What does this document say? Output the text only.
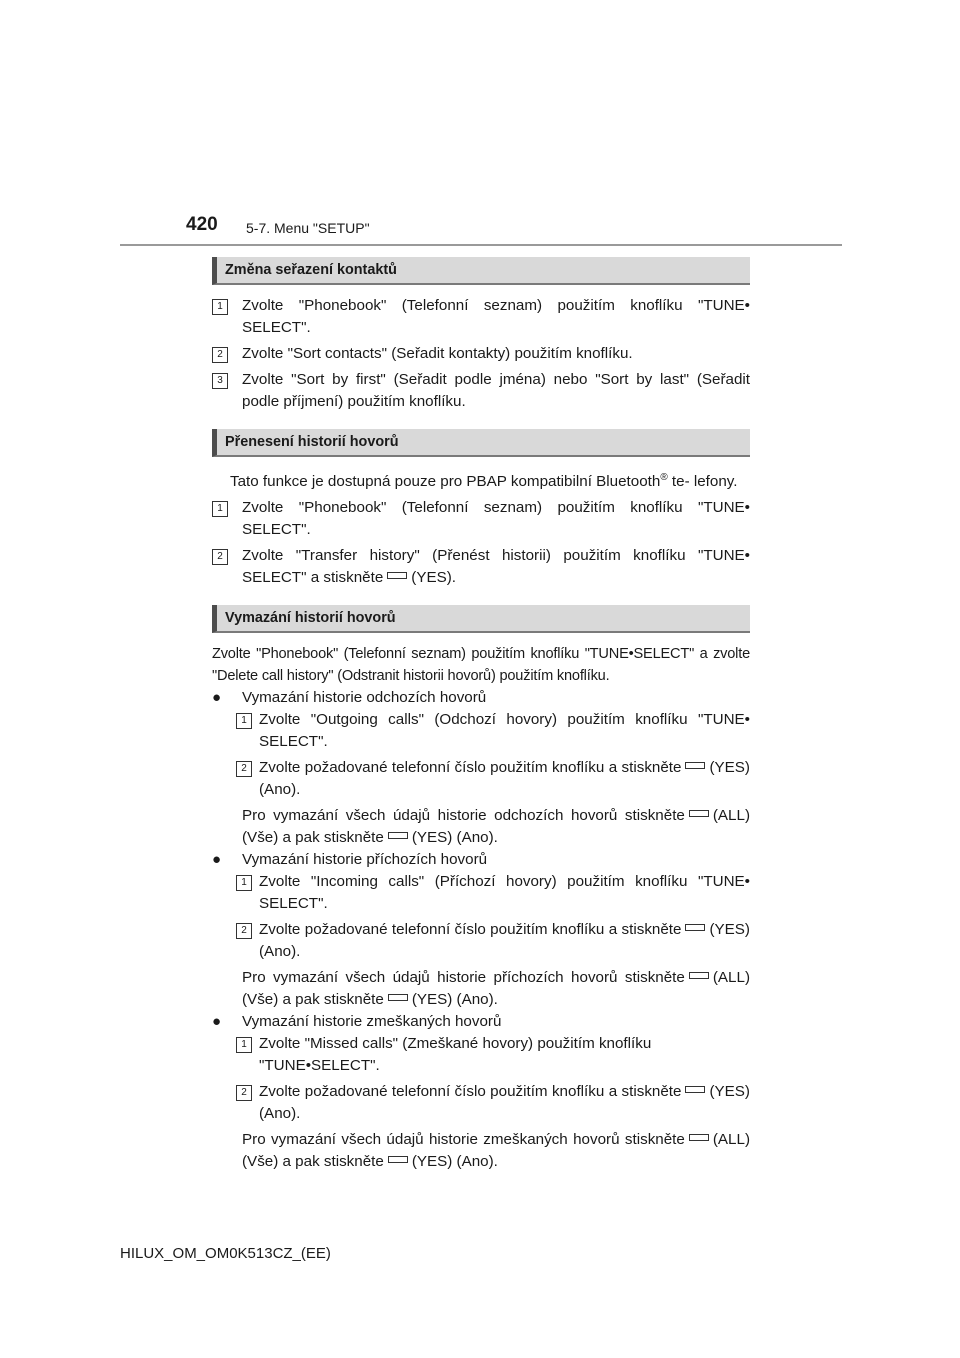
420 5-7. Menu "SETUP"
Změna seřazení kontaktů
1	Zvolte "Phonebook" (Telefonní seznam) použitím knoflíku "TUNE• SELECT".
2	Zvolte "Sort contacts" (Seřadit kontakty) použitím knoflíku.
3	Zvolte "Sort by first" (Seřadit podle jména) nebo "Sort by last" (Seřadit podle příjmení) použitím knoflíku.
Přenesení historií hovorů
Tato funkce je dostupná pouze pro PBAP kompatibilní Bluetooth® te- lefony.
1	Zvolte "Phonebook" (Telefonní seznam) použitím knoflíku "TUNE• SELECT".
2	Zvolte "Transfer history" (Přenést historii) použitím knoflíku "TUNE• SELECT" a stiskněte (YES).
Vymazání historií hovorů
Zvolte "Phonebook" (Telefonní seznam) použitím knoflíku "TUNE•SELECT" a zvolte "Delete call history" (Odstranit historii hovorů) použitím knoflíku.
● Vymazání historie odchozích hovorů
1 Zvolte "Outgoing calls" (Odchozí hovory) použitím knoflíku "TUNE• SELECT".
2 Zvolte požadované telefonní číslo použitím knoflíku a stiskněte (YES) (Ano).
Pro vymazání všech údajů historie odchozích hovorů stiskněte (ALL) (Vše) a pak stiskněte (YES) (Ano).
● Vymazání historie příchozích hovorů
1 Zvolte "Incoming calls" (Příchozí hovory) použitím knoflíku "TUNE• SELECT".
2 Zvolte požadované telefonní číslo použitím knoflíku a stiskněte (YES) (Ano).
Pro vymazání všech údajů historie příchozích hovorů stiskněte (ALL) (Vše) a pak stiskněte (YES) (Ano).
● Vymazání historie zmeškaných hovorů
1 Zvolte "Missed calls" (Zmeškané hovory) použitím knoflíku "TUNE•SELECT".
2 Zvolte požadované telefonní číslo použitím knoflíku a stiskněte (YES) (Ano).
Pro vymazání všech údajů historie zmeškaných hovorů stiskněte (ALL) (Vše) a pak stiskněte (YES) (Ano).
HILUX_OM_OM0K513CZ_(EE)
